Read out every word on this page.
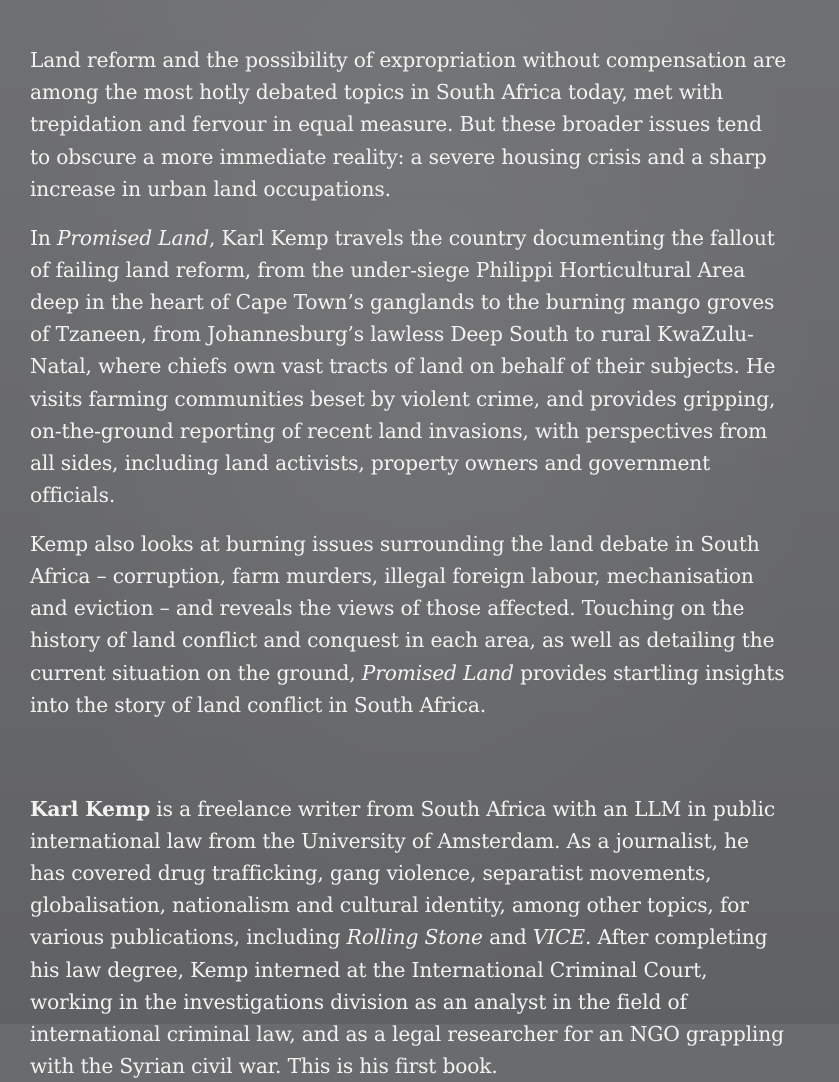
Land reform and the possibility of expropriation without compensation are among the most hotly debated topics in South Africa today, met with trepidation and fervour in equal measure. But these broader issues tend to obscure a more immediate reality: a severe housing crisis and a sharp increase in urban land occupations.

In Promised Land, Karl Kemp travels the country documenting the fallout of failing land reform, from the under-siege Philippi Horticultural Area deep in the heart of Cape Town’s ganglands to the burning mango groves of Tzaneen, from Johannesburg’s lawless Deep South to rural KwaZulu-Natal, where chiefs own vast tracts of land on behalf of their subjects. He visits farming communities beset by violent crime, and provides gripping, on-the-ground reporting of recent land invasions, with perspectives from all sides, including land activists, property owners and government officials.

Kemp also looks at burning issues surrounding the land debate in South Africa – corruption, farm murders, illegal foreign labour, mechanisation and eviction – and reveals the views of those affected. Touching on the history of land conflict and conquest in each area, as well as detailing the current situation on the ground, Promised Land provides startling insights into the story of land conflict in South Africa.

Karl Kemp is a freelance writer from South Africa with an LLM in public international law from the University of Amsterdam. As a journalist, he has covered drug trafficking, gang violence, separatist movements, globalisation, nationalism and cultural identity, among other topics, for various publications, including Rolling Stone and VICE. After completing his law degree, Kemp interned at the International Criminal Court, working in the investigations division as an analyst in the field of international criminal law, and as a legal researcher for an NGO grappling with the Syrian civil war. This is his first book.
